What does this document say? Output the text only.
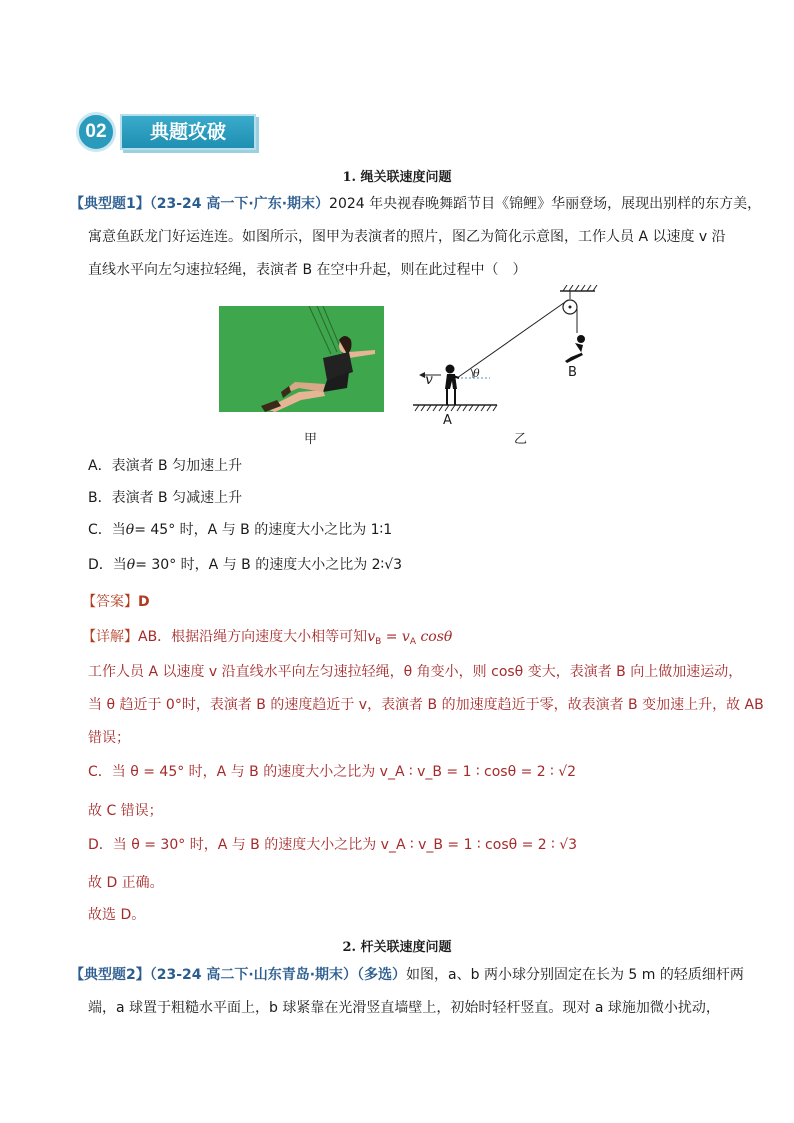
02	典题攻破
1. 绳关联速度问题
【典型题1】（23-24 高一下·广东·期末）2024 年央视春晚舞蹈节目《锦鲤》华丽登场，展现出别样的东方美，
寓意鱼跃龙门好运连连。如图所示，图甲为表演者的照片，图乙为简化示意图，工作人员 A 以速度 v 沿
直线水平向左匀速拉轻绳，表演者 B 在空中升起，则在此过程中（　）
甲
v	θ
A
B
乙
A．表演者 B 匀加速上升
B．表演者 B 匀减速上升
C．当θ= 45° 时，A 与 B 的速度大小之比为 1∶1
D．当θ= 30° 时，A 与 B 的速度大小之比为 2∶√3
【答案】D
【详解】AB．根据沿绳方向速度大小相等可知$v_B = v_A$ cosθ
工作人员 A 以速度 v 沿直线水平向左匀速拉轻绳，θ 角变小，则 cosθ 变大，表演者 B 向上做加速运动，
当 θ 趋近于 0°时，表演者 B 的速度趋近于 v，表演者 B 的加速度趋近于零，故表演者 B 变加速上升，故 AB
错误；
C．当 θ = 45° 时，A 与 B 的速度大小之比为 v_A ∶ v_B = 1 ∶ cosθ = 2 ∶ √2
故 C 错误；
D．当 θ = 30° 时，A 与 B 的速度大小之比为 v_A ∶ v_B = 1 ∶ cosθ = 2 ∶ √3
故 D 正确。
故选 D。
2. 杆关联速度问题
【典型题2】（23-24 高二下·山东青岛·期末）（多选）如图，a、b 两小球分别固定在长为 5 m 的轻质细杆两
端，a 球置于粗糙水平面上，b 球紧靠在光滑竖直墙壁上，初始时轻杆竖直。现对 a 球施加微小扰动，
